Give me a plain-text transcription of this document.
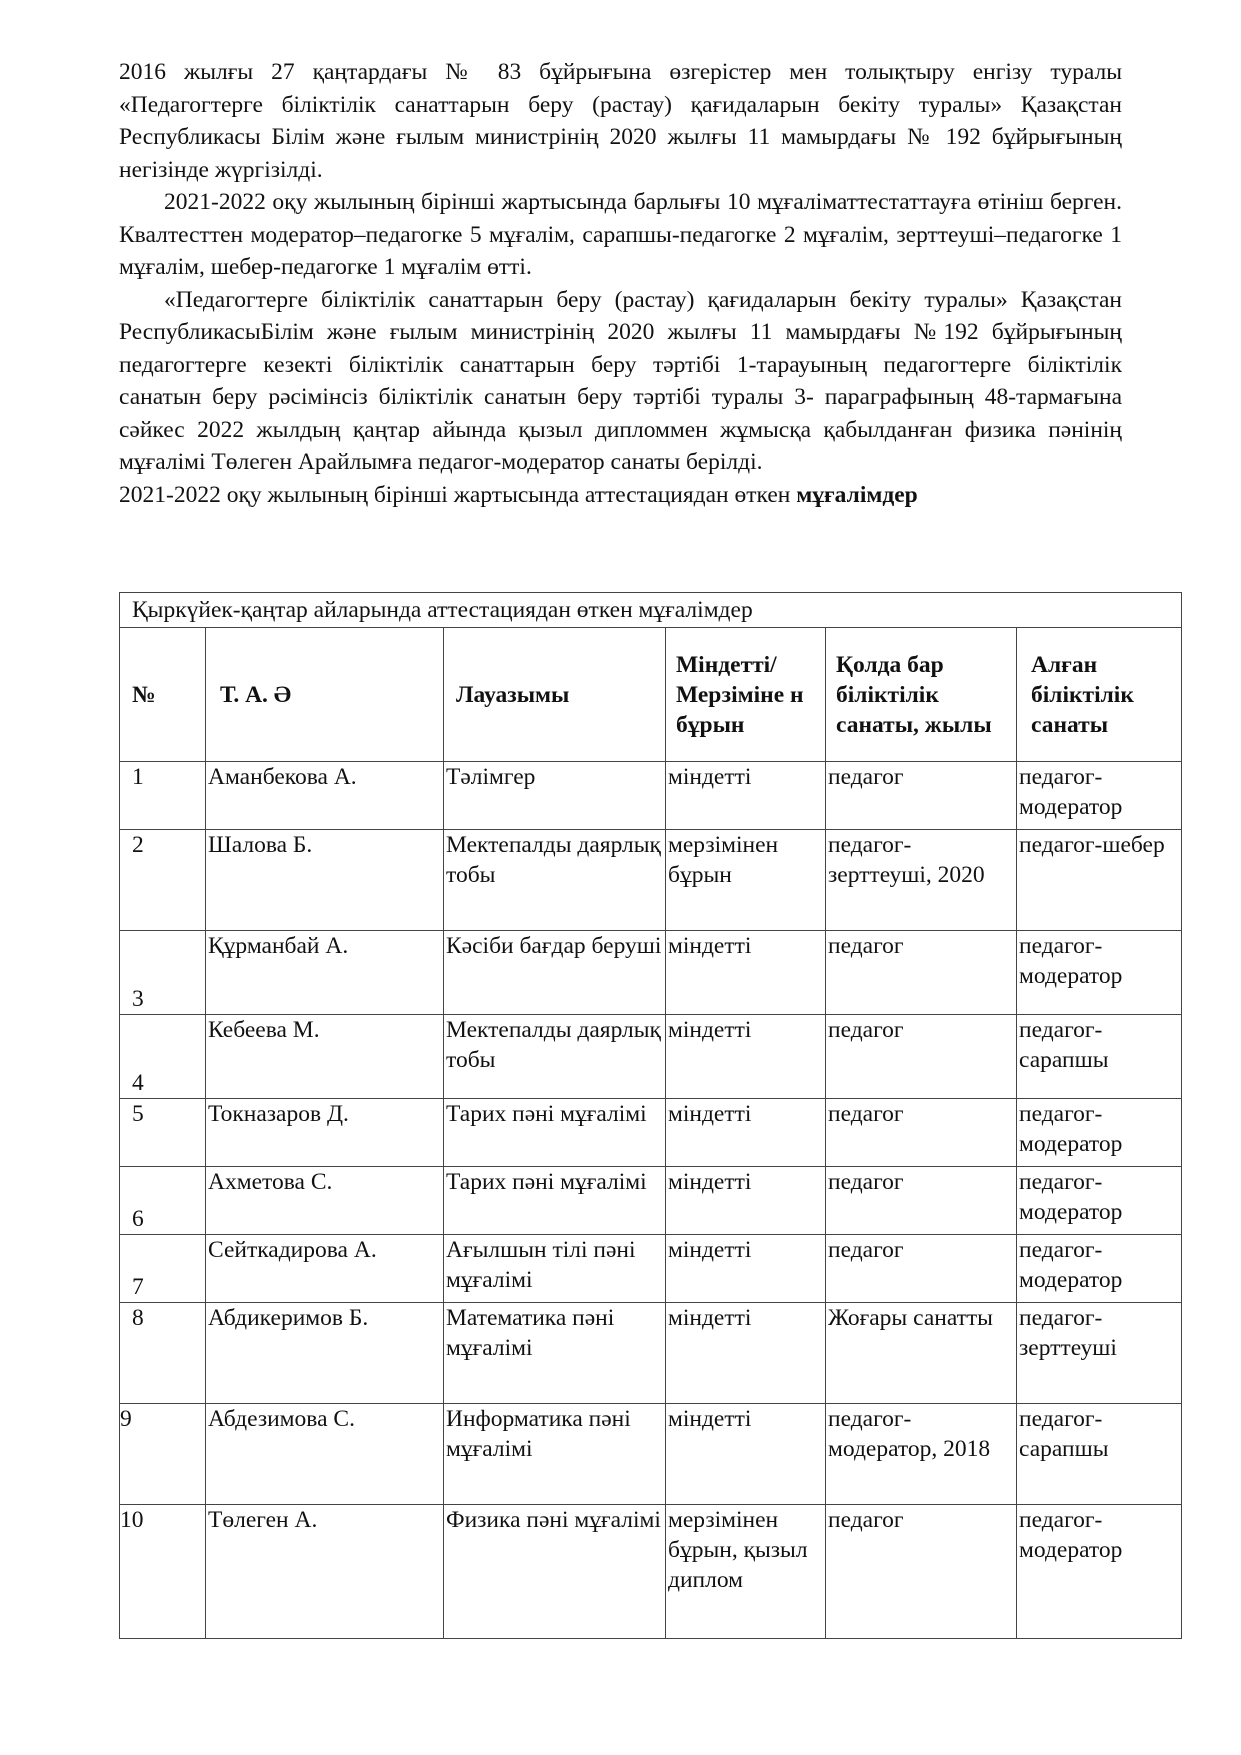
2016 жылғы 27 қаңтардағы № 83 бұйрығына өзгерістер мен толықтыру енгізу туралы «Педагогтерге біліктілік санаттарын беру (растау) қағидаларын бекіту туралы» Қазақстан Республикасы Білім және ғылым министрінің 2020 жылғы 11 мамырдағы № 192 бұйрығының негізінде жүргізілді.

2021-2022 оқу жылының бірінші жартысында барлығы 10 мұғаліматтестаттауға өтініш берген. Квалтесттен модератор–педагогке 5 мұғалім, сарапшы-педагогке 2 мұғалім, зерттеуші–педагогке 1 мұғалім, шебер-педагогке 1 мұғалім өтті.

«Педагогтерге біліктілік санаттарын беру (растау) қағидаларын бекіту туралы» Қазақстан РеспубликасыБілім және ғылым министрінің 2020 жылғы 11 мамырдағы №192 бұйрығының педагогтерге кезекті біліктілік санаттарын беру тәртібі 1-тарауының педагогтерге біліктілік санатын беру рәсімінсіз біліктілік санатын беру тәртібі туралы 3- параграфының 48-тармағына сәйкес 2022 жылдың қаңтар айында қызыл дипломмен жұмысқа қабылданған физика пәнінің мұғалімі Төлеген Арайлымға педагог-модератор санаты берілді.

2021-2022 оқу жылының бірінші жартысында аттестациядан өткен мұғалімдер

Қыркүйек-қаңтар айларында аттестациядан өткен мұғалімдер					
№	Т. А. Ә	Лауазымы	Міндетті/ Мерзіміне н бұрын	Қолда бар біліктілік санаты, жылы	Алған біліктілік санаты
1	Аманбекова А.	Тәлімгер	міндетті	педагог	педагог-модератор
2	Шалова Б.	Мектепалды даярлық тобы	мерзімінен бұрын	педагог-зерттеуші, 2020	педагог-шебер
3	Құрманбай А.	Кәсіби бағдар беруші	міндетті	педагог	педагог-модератор
4	Кебеева М.	Мектепалды даярлық тобы	міндетті	педагог	педагог-сарапшы
5	Токназаров Д.	Тарих пәні мұғалімі	міндетті	педагог	педагог-модератор
6	Ахметова С.	Тарих пәні мұғалімі	міндетті	педагог	педагог-модератор
7	Сейткадирова А.	Ағылшын тілі пәні мұғалімі	міндетті	педагог	педагог-модератор
8	Абдикеримов Б.	Математика пәні мұғалімі	міндетті	Жоғары санатты	педагог-зерттеуші
9	Абдезимова С.	Информатика пәні мұғалімі	міндетті	педагог-модератор, 2018	педагог-сарапшы
10	Төлеген А.	Физика пәні мұғалімі	мерзімінен бұрын, қызыл диплом	педагог	педагог-модератор
